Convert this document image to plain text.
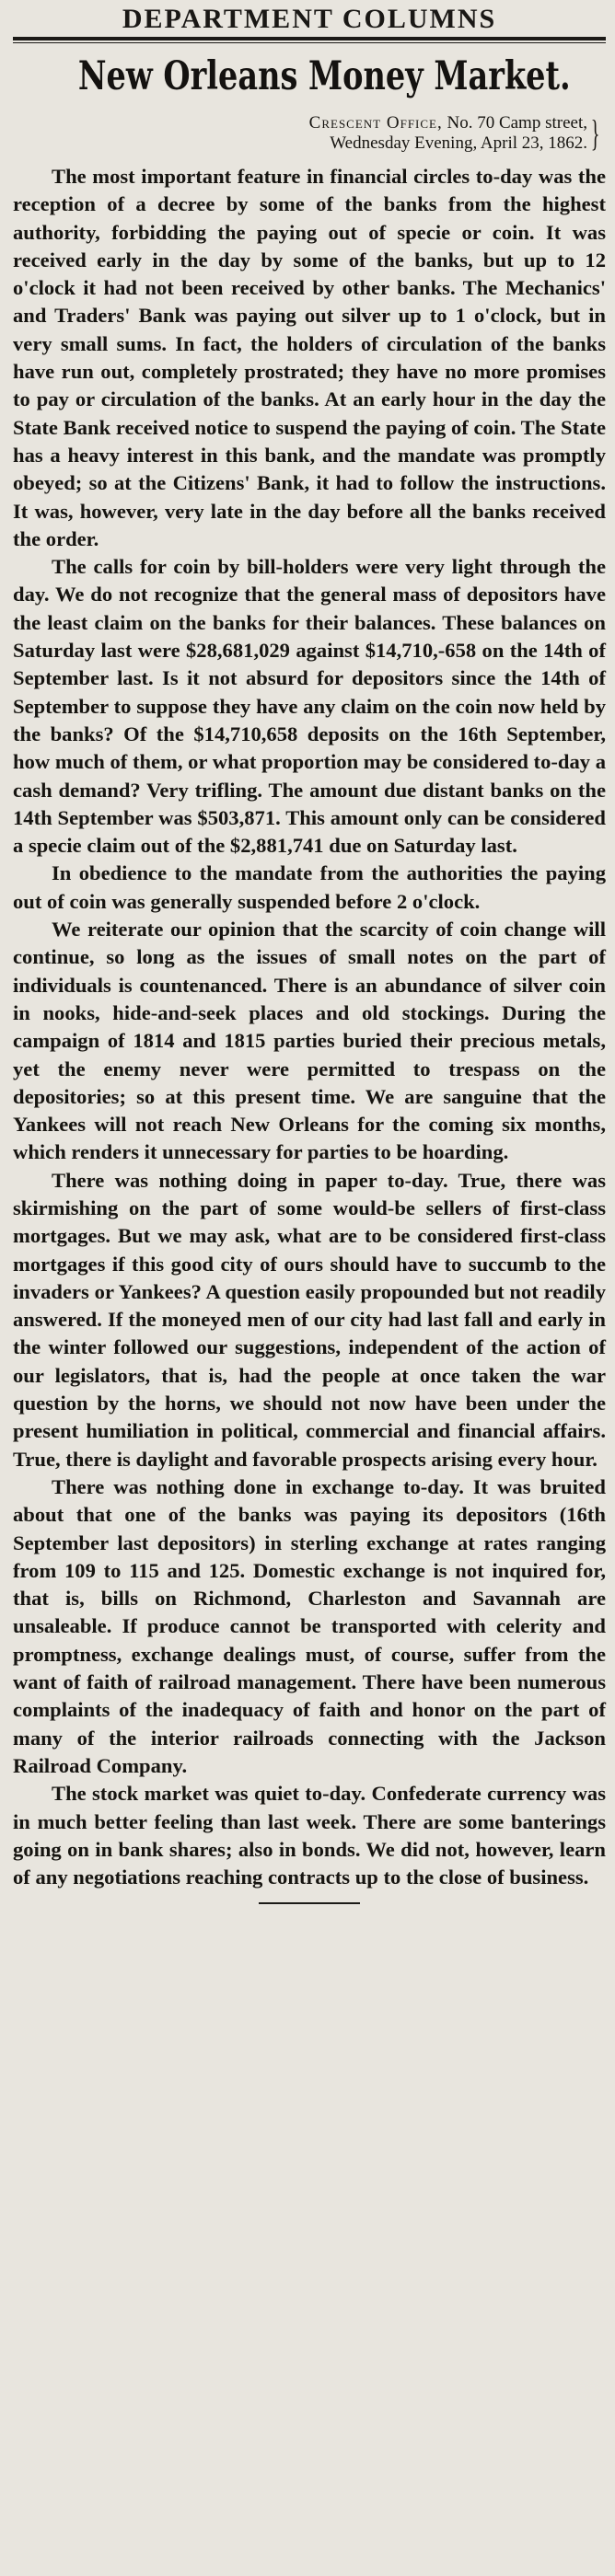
DEPARTMENT COLUMNS
New Orleans Money Market.
Crescent Office, No. 70 Camp street,
Wednesday Evening, April 23, 1862. }

The most important feature in financial circles to-day was the reception of a decree by some of the banks from the highest authority, forbidding the paying out of specie or coin. It was received early in the day by some of the banks, but up to 12 o'clock it had not been received by other banks. The Mechanics' and Traders' Bank was paying out silver up to 1 o'clock, but in very small sums. In fact, the holders of circulation of the banks have run out, completely prostrated; they have no more promises to pay or circulation of the banks. At an early hour in the day the State Bank received notice to suspend the paying of coin. The State has a heavy interest in this bank, and the mandate was promptly obeyed; so at the Citizens' Bank, it had to follow the instructions. It was, however, very late in the day before all the banks received the order.

The calls for coin by bill-holders were very light through the day. We do not recognize that the general mass of depositors have the least claim on the banks for their balances. These balances on Saturday last were $28,681,029 against $14,710,-658 on the 14th of September last. Is it not absurd for depositors since the 14th of September to suppose they have any claim on the coin now held by the banks? Of the $14,710,658 deposits on the 16th September, how much of them, or what proportion may be considered to-day a cash demand? Very trifling. The amount due distant banks on the 14th September was $503,871. This amount only can be considered a specie claim out of the $2,881,741 due on Saturday last.

In obedience to the mandate from the authorities the paying out of coin was generally suspended before 2 o'clock.

We reiterate our opinion that the scarcity of coin change will continue, so long as the issues of small notes on the part of individuals is countenanced. There is an abundance of silver coin in nooks, hide-and-seek places and old stockings. During the campaign of 1814 and 1815 parties buried their precious metals, yet the enemy never were permitted to trespass on the depositories; so at this present time. We are sanguine that the Yankees will not reach New Orleans for the coming six months, which renders it unnecessary for parties to be hoarding.

There was nothing doing in paper to-day. True, there was skirmishing on the part of some would-be sellers of first-class mortgages. But we may ask, what are to be considered first-class mortgages if this good city of ours should have to succumb to the invaders or Yankees? A question easily propounded but not readily answered. If the moneyed men of our city had last fall and early in the winter followed our suggestions, independent of the action of our legislators, that is, had the people at once taken the war question by the horns, we should not now have been under the present humiliation in political, commercial and financial affairs. True, there is daylight and favorable prospects arising every hour.

There was nothing done in exchange to-day. It was bruited about that one of the banks was paying its depositors (16th September last depositors) in sterling exchange at rates ranging from 109 to 115 and 125. Domestic exchange is not inquired for, that is, bills on Richmond, Charleston and Savannah are unsaleable. If produce cannot be transported with celerity and promptness, exchange dealings must, of course, suffer from the want of faith of railroad management. There have been numerous complaints of the inadequacy of faith and honor on the part of many of the interior railroads connecting with the Jackson Railroad Company.

The stock market was quiet to-day. Confederate currency was in much better feeling than last week. There are some banterings going on in bank shares; also in bonds. We did not, however, learn of any negotiations reaching contracts up to the close of business.
